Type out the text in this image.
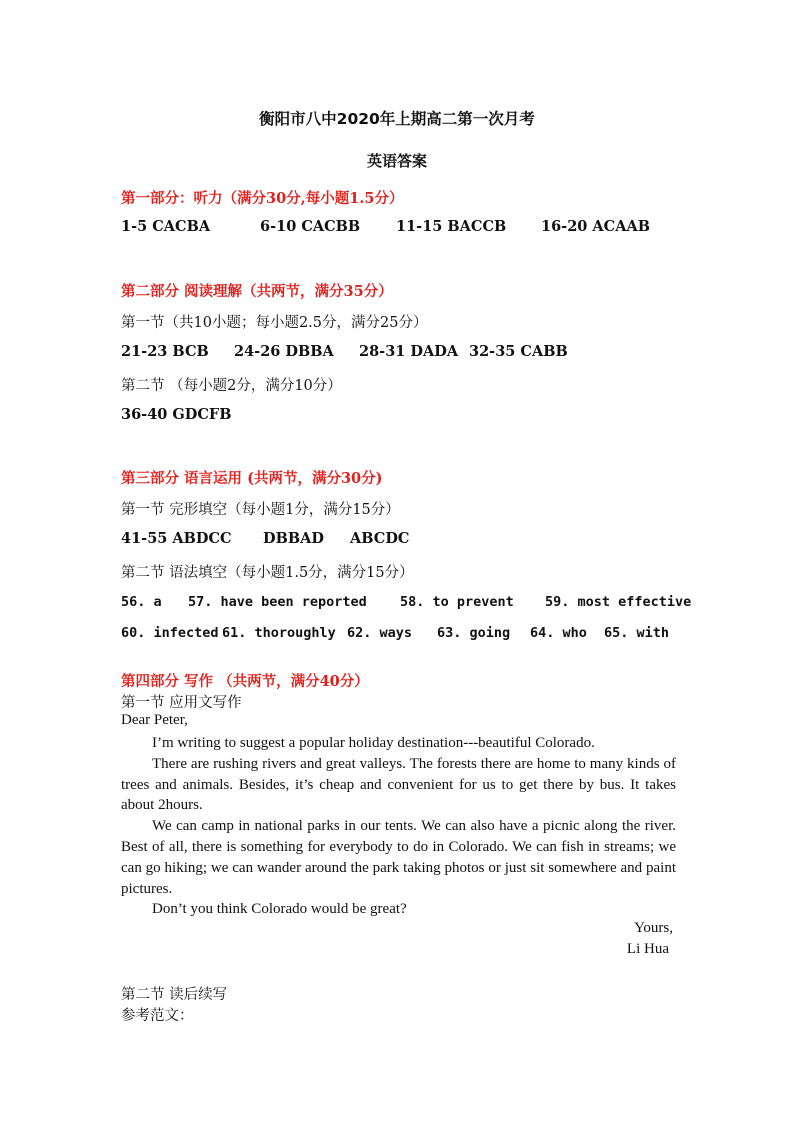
衡阳市八中2020年上期高二第一次月考
英语答案
第一部分：听力（满分30分,每小题1.5分）
1-5 CACBA	6-10 CACBB 11-15 BACCB 16-20 ACAAB
第二部分 阅读理解（共两节，满分35分）
第一节（共10小题；每小题2.5分，满分25分）
21-23 BCB 24-26 DBBA 28-31 DADA 32-35 CABB
第二节 （每小题2分，满分10分）
36-40 GDCFB
第三部分 语言运用 (共两节，满分30分)
第一节 完形填空（每小题1分，满分15分）
41-55 ABDCC DBBAD ABCDC
第二节 语法填空（每小题1.5分，满分15分）
56. a 57. have been reported 58. to prevent 59. most effective
60. infected 61. thoroughly 62. ways 63. going 64. who 65. with
第四部分 写作 （共两节，满分40分）
第一节 应用文写作
Dear Peter,

I’m writing to suggest a popular holiday destination---beautiful Colorado.

There are rushing rivers and great valleys. The forests there are home to many kinds of trees and animals. Besides, it’s cheap and convenient for us to get there by bus. It takes about 2hours.

We can camp in national parks in our tents. We can also have a picnic along the river. Best of all, there is something for everybody to do in Colorado. We can fish in streams; we can go hiking; we can wander around the park taking photos or just sit somewhere and paint pictures.

Don’t you think Colorado would be great?

Yours,
Li Hua
第二节 读后续写
参考范文：
